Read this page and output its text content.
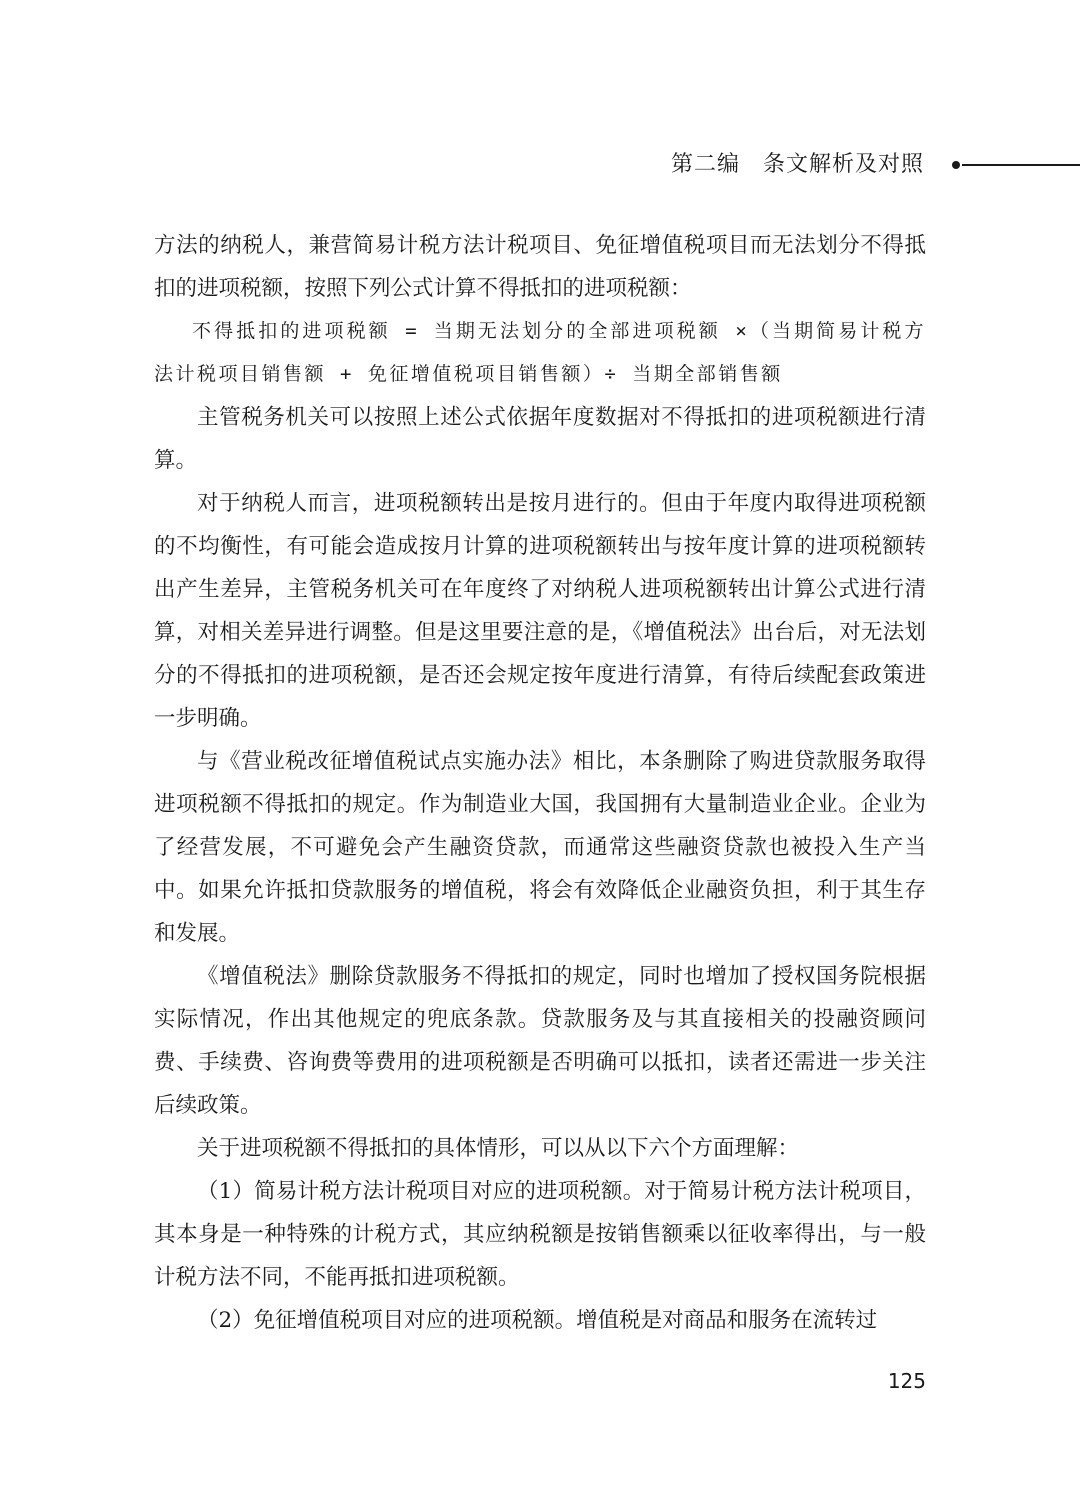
第二编　条文解析及对照

方法的纳税人，兼营简易计税方法计税项目、免征增值税项目而无法划分不得抵扣的进项税额，按照下列公式计算不得抵扣的进项税额：

不得抵扣的进项税额 = 当期无法划分的全部进项税额 ×（当期简易计税方法计税项目销售额 + 免征增值税项目销售额）÷ 当期全部销售额

主管税务机关可以按照上述公式依据年度数据对不得抵扣的进项税额进行清算。

对于纳税人而言，进项税额转出是按月进行的。但由于年度内取得进项税额的不均衡性，有可能会造成按月计算的进项税额转出与按年度计算的进项税额转出产生差异，主管税务机关可在年度终了对纳税人进项税额转出计算公式进行清算，对相关差异进行调整。但是这里要注意的是，《增值税法》出台后，对无法划分的不得抵扣的进项税额，是否还会规定按年度进行清算，有待后续配套政策进一步明确。

与《营业税改征增值税试点实施办法》相比，本条删除了购进贷款服务取得进项税额不得抵扣的规定。作为制造业大国，我国拥有大量制造业企业。企业为了经营发展，不可避免会产生融资贷款，而通常这些融资贷款也被投入生产当中。如果允许抵扣贷款服务的增值税，将会有效降低企业融资负担，利于其生存和发展。

《增值税法》删除贷款服务不得抵扣的规定，同时也增加了授权国务院根据实际情况，作出其他规定的兜底条款。贷款服务及与其直接相关的投融资顾问费、手续费、咨询费等费用的进项税额是否明确可以抵扣，读者还需进一步关注后续政策。

关于进项税额不得抵扣的具体情形，可以从以下六个方面理解：

（1）简易计税方法计税项目对应的进项税额。对于简易计税方法计税项目，其本身是一种特殊的计税方式，其应纳税额是按销售额乘以征收率得出，与一般计税方法不同，不能再抵扣进项税额。

（2）免征增值税项目对应的进项税额。增值税是对商品和服务在流转过

125
